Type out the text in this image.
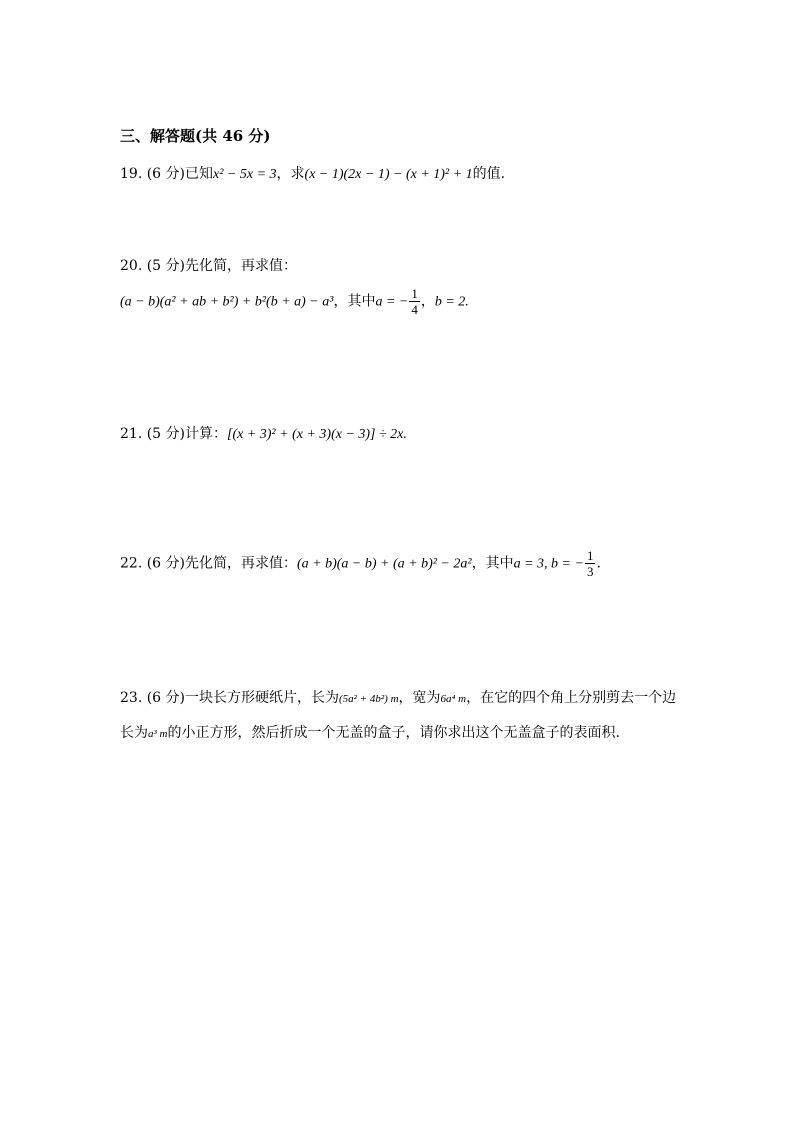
三、解答题(共 46 分)
19. (6 分)已知x² − 5x = 3，求(x − 1)(2x − 1) − (x + 1)² + 1的值.
20. (5 分)先化简，再求值：
(a − b)(a² + ab + b²) + b²(b + a) − a³，其中a = − $\frac{1}{4}$ ，b = 2.
21. (5 分)计算：[(x + 3)² + (x + 3)(x − 3)] ÷ 2x.
22. (6 分)先化简，再求值：(a + b)(a − b) + (a + b)² − 2a²，其中a = 3, b = − $\frac{1}{3}$ .
23. (6 分)一块长方形硬纸片，长为(5a² + 4b²) m，宽为6a⁴ m，在它的四个角上分别剪去一个边长为a³ m的小正方形，然后折成一个无盖的盒子，请你求出这个无盖盒子的表面积.
